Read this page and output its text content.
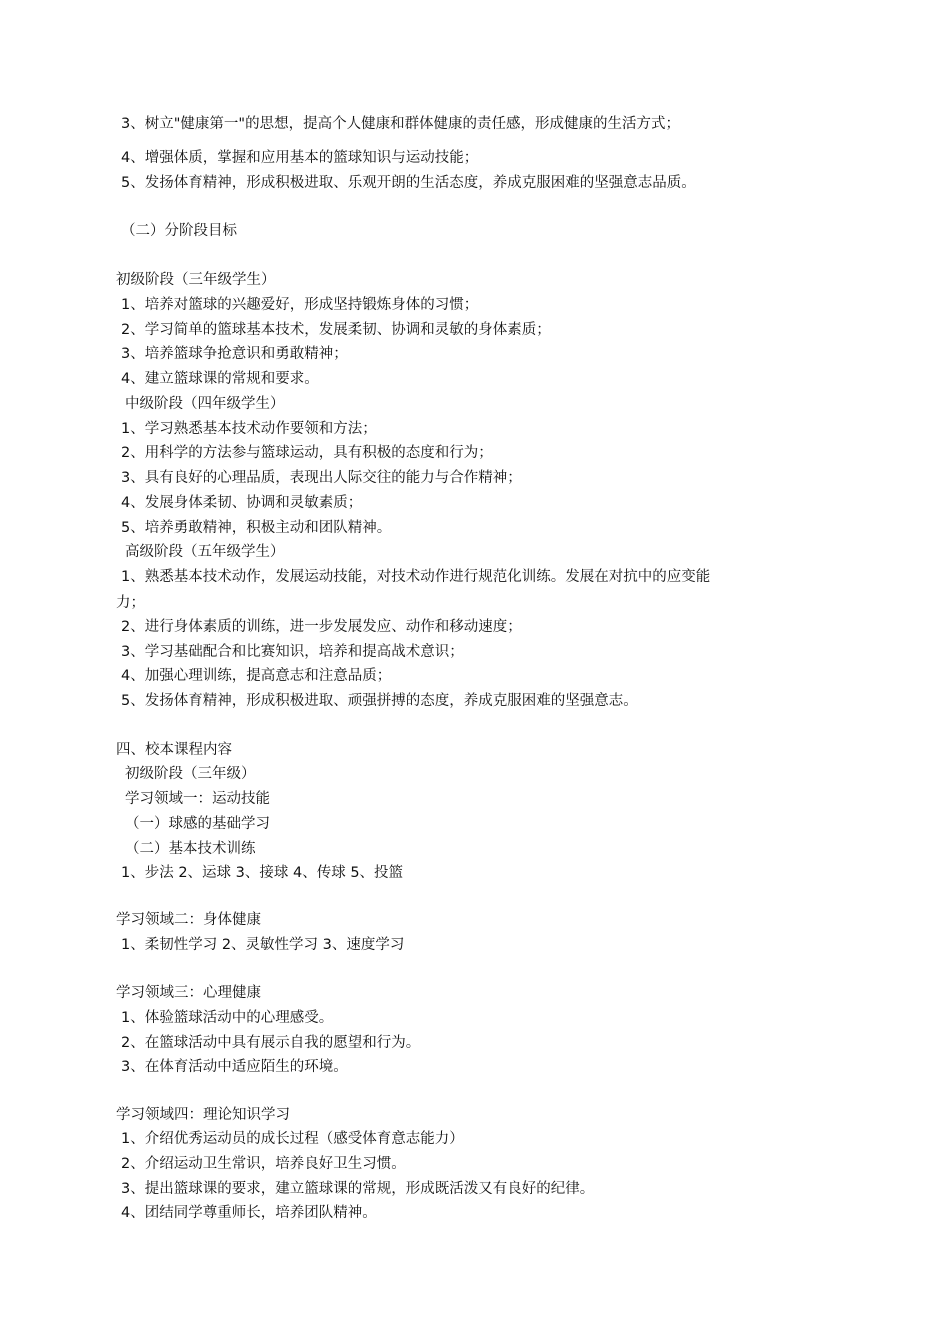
3、树立"健康第一"的思想，提高个人健康和群体健康的责任感，形成健康的生活方式；
4、增强体质，掌握和应用基本的篮球知识与运动技能；
5、发扬体育精神，形成积极进取、乐观开朗的生活态度，养成克服困难的坚强意志品质。
（二）分阶段目标
初级阶段（三年级学生）
1、培养对篮球的兴趣爱好，形成坚持锻炼身体的习惯；
2、学习简单的篮球基本技术，发展柔韧、协调和灵敏的身体素质；
3、培养篮球争抢意识和勇敢精神；
4、建立篮球课的常规和要求。
中级阶段（四年级学生）
1、学习熟悉基本技术动作要领和方法；
2、用科学的方法参与篮球运动，具有积极的态度和行为；
3、具有良好的心理品质，表现出人际交往的能力与合作精神；
4、发展身体柔韧、协调和灵敏素质；
5、培养勇敢精神，积极主动和团队精神。
高级阶段（五年级学生）
1、熟悉基本技术动作，发展运动技能，对技术动作进行规范化训练。发展在对抗中的应变能
力；
2、进行身体素质的训练，进一步发展发应、动作和移动速度；
3、学习基础配合和比赛知识，培养和提高战术意识；
4、加强心理训练，提高意志和注意品质；
5、发扬体育精神，形成积极进取、顽强拼搏的态度，养成克服困难的坚强意志。
四、校本课程内容
初级阶段（三年级）
学习领域一：运动技能
（一）球感的基础学习
（二）基本技术训练
1、步法 2、运球 3、接球 4、传球 5、投篮
学习领域二：身体健康
1、柔韧性学习 2、灵敏性学习 3、速度学习
学习领域三：心理健康
1、体验篮球活动中的心理感受。
2、在篮球活动中具有展示自我的愿望和行为。
3、在体育活动中适应陌生的环境。
学习领域四：理论知识学习
1、介绍优秀运动员的成长过程（感受体育意志能力）
2、介绍运动卫生常识，培养良好卫生习惯。
3、提出篮球课的要求，建立篮球课的常规，形成既活泼又有良好的纪律。
4、团结同学尊重师长，培养团队精神。
